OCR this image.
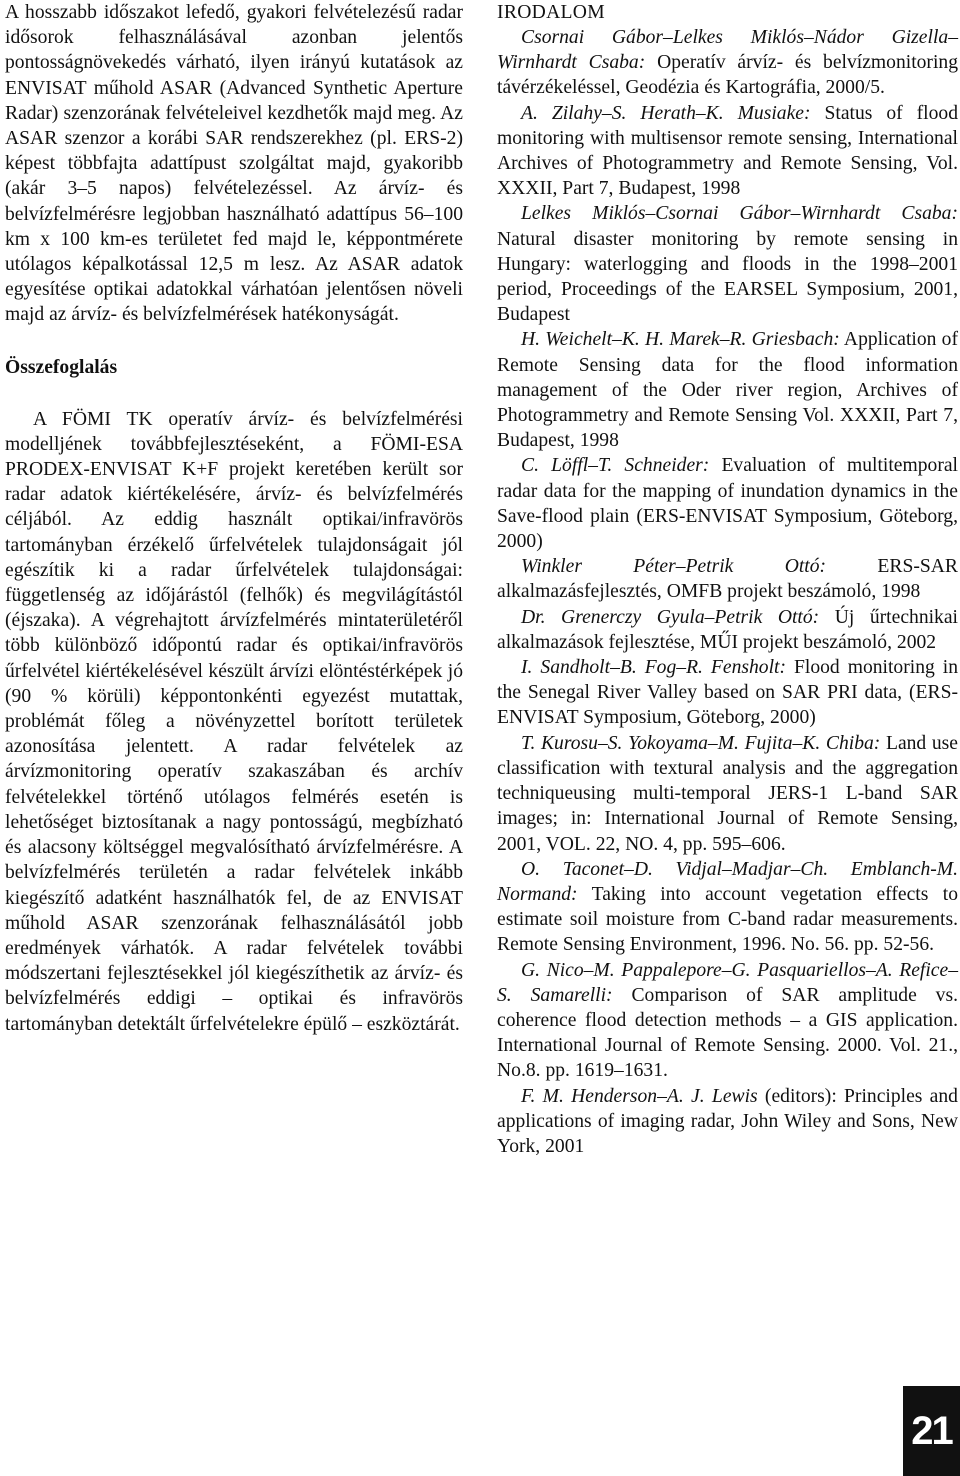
A hosszabb időszakot lefedő, gyakori felvételezésű radar idősorok felhasználásával azonban jelentős pontosságnövekedés várható, ilyen irányú kutatások az ENVISAT műhold ASAR (Advanced Synthetic Aperture Radar) szenzorának felvételeivel kezdhetők majd meg. Az ASAR szenzor a korábi SAR rendszerekhez (pl. ERS-2) képest többfajta adattípust szolgáltat majd, gyakoribb (akár 3–5 napos) felvételezéssel. Az árvíz- és belvízfelmérésre legjobban használható adattípus 56–100 km x 100 km-es területet fed majd le, képpontmérete utólagos képalkotással 12,5 m lesz. Az ASAR adatok egyesítése optikai adatokkal várhatóan jelentősen növeli majd az árvíz- és belvízfelmérések hatékonyságát.

Összefoglalás

A FÖMI TK operatív árvíz- és belvízfelmérési modelljének továbbfejlesztéseként, a FÖMI-ESA PRODEX-ENVISAT K+F projekt keretében került sor radar adatok kiértékelésére, árvíz- és belvízfelmérés céljából. Az eddig használt optikai/infravörös tartományban érzékelő űrfelvételek tulajdonságait jól egészítik ki a radar űrfelvételek tulajdonságai: függetlenség az időjárástól (felhők) és megvilágítástól (éjszaka). A végrehajtott árvízfelmérés mintaterületéről több különböző időpontú radar és optikai/infravörös űrfelvétel kiértékelésével készült árvízi elöntéstérképek jó (90 % körüli) képpontonkénti egyezést mutattak, problémát főleg a növényzettel borított területek azonosítása jelentett. A radar felvételek az árvízmonitoring operatív szakaszában és archív felvételekkel történő utólagos felmérés esetén is lehetőséget biztosítanak a nagy pontosságú, megbízható és alacsony költséggel megvalósítható árvízfelmérésre. A belvízfelmérés területén a radar felvételek inkább kiegészítő adatként használhatók fel, de az ENVISAT műhold ASAR szenzorának felhasználásától jobb eredmények várhatók. A radar felvételek további módszertani fejlesztésekkel jól kiegészíthetik az árvíz- és belvízfelmérés eddigi – optikai és infravörös tartományban detektált űrfelvételekre épülő – eszköztárát.

IRODALOM

Csornai Gábor–Lelkes Miklós–Nádor Gizella–Wirnhardt Csaba: Operatív árvíz- és belvízmonitoring távérzékeléssel, Geodézia és Kartográfia, 2000/5.

A. Zilahy–S. Herath–K. Musiake: Status of flood monitoring with multisensor remote sensing, International Archives of Photogrammetry and Remote Sensing, Vol. XXXII, Part 7, Budapest, 1998

Lelkes Miklós–Csornai Gábor–Wirnhardt Csaba: Natural disaster monitoring by remote sensing in Hungary: waterlogging and floods in the 1998–2001 period, Proceedings of the EARSEL Symposium, 2001, Budapest

H. Weichelt–K. H. Marek–R. Griesbach: Application of Remote Sensing data for the flood information management of the Oder river region, Archives of Photogrammetry and Remote Sensing Vol. XXXII, Part 7, Budapest, 1998

C. Löffl–T. Schneider: Evaluation of multitemporal radar data for the mapping of inundation dynamics in the Save-flood plain (ERS-ENVISAT Symposium, Göteborg, 2000)

Winkler Péter–Petrik Ottó: ERS-SAR alkalmazásfejlesztés, OMFB projekt beszámoló, 1998

Dr. Grenerczy Gyula–Petrik Ottó: Új űrtechnikai alkalmazások fejlesztése, MŰI projekt beszámoló, 2002

I. Sandholt–B. Fog–R. Fensholt: Flood monitoring in the Senegal River Valley based on SAR PRI data, (ERS-ENVISAT Symposium, Göteborg, 2000)

T. Kurosu–S. Yokoyama–M. Fujita–K. Chiba: Land use classification with textural analysis and the aggregation techniqueusing multi-temporal JERS-1 L-band SAR images; in: International Journal of Remote Sensing, 2001, VOL. 22, NO. 4, pp. 595–606.

O. Taconet–D. Vidjal–Madjar–Ch. Emblanch-M. Normand: Taking into account vegetation effects to estimate soil moisture from C-band radar measurements. Remote Sensing Environment, 1996. No. 56. pp. 52-56.

G. Nico–M. Pappalepore–G. Pasquariellos–A. Refice–S. Samarelli: Comparison of SAR amplitude vs. coherence flood detection methods – a GIS application. International Journal of Remote Sensing. 2000. Vol. 21., No.8. pp. 1619–1631.

F. M. Henderson–A. J. Lewis (editors): Principles and applications of imaging radar, John Wiley and Sons, New York, 2001

21
